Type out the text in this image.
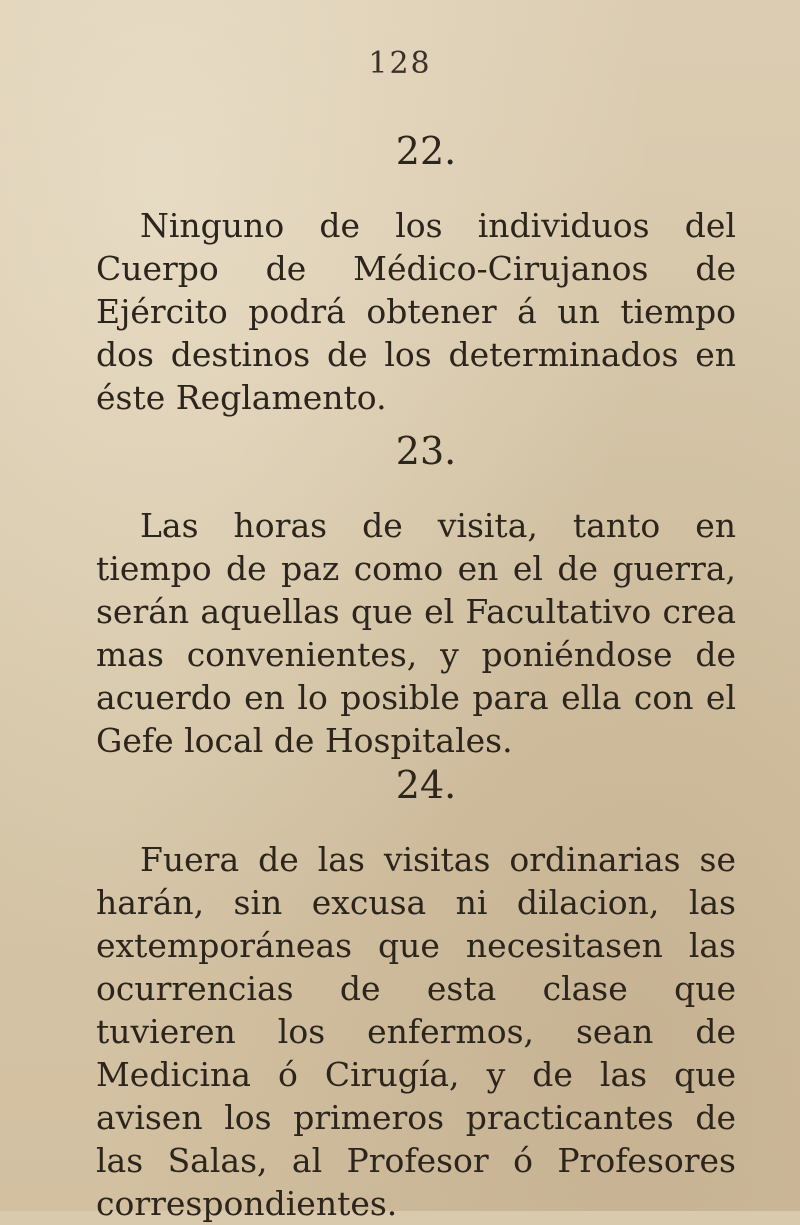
128
22.

Ninguno de los individuos del Cuerpo de Médico-Cirujanos de Ejército podrá obtener á un tiempo dos destinos de los determinados en éste Reglamento.

23.

Las horas de visita, tanto en tiempo de paz como en el de guerra, serán aquellas que el Facultativo crea mas convenientes, y poniéndose de acuerdo en lo posible para ella con el Gefe local de Hospitales.

24.

Fuera de las visitas ordinarias se harán, sin excusa ni dilacion, las extemporáneas que necesitasen las ocurrencias de esta clase que tuvieren los enfermos, sean de Medicina ó Cirugía, y de las que avisen los primeros practicantes de las Salas, al Profesor ó Profesores correspondientes.
